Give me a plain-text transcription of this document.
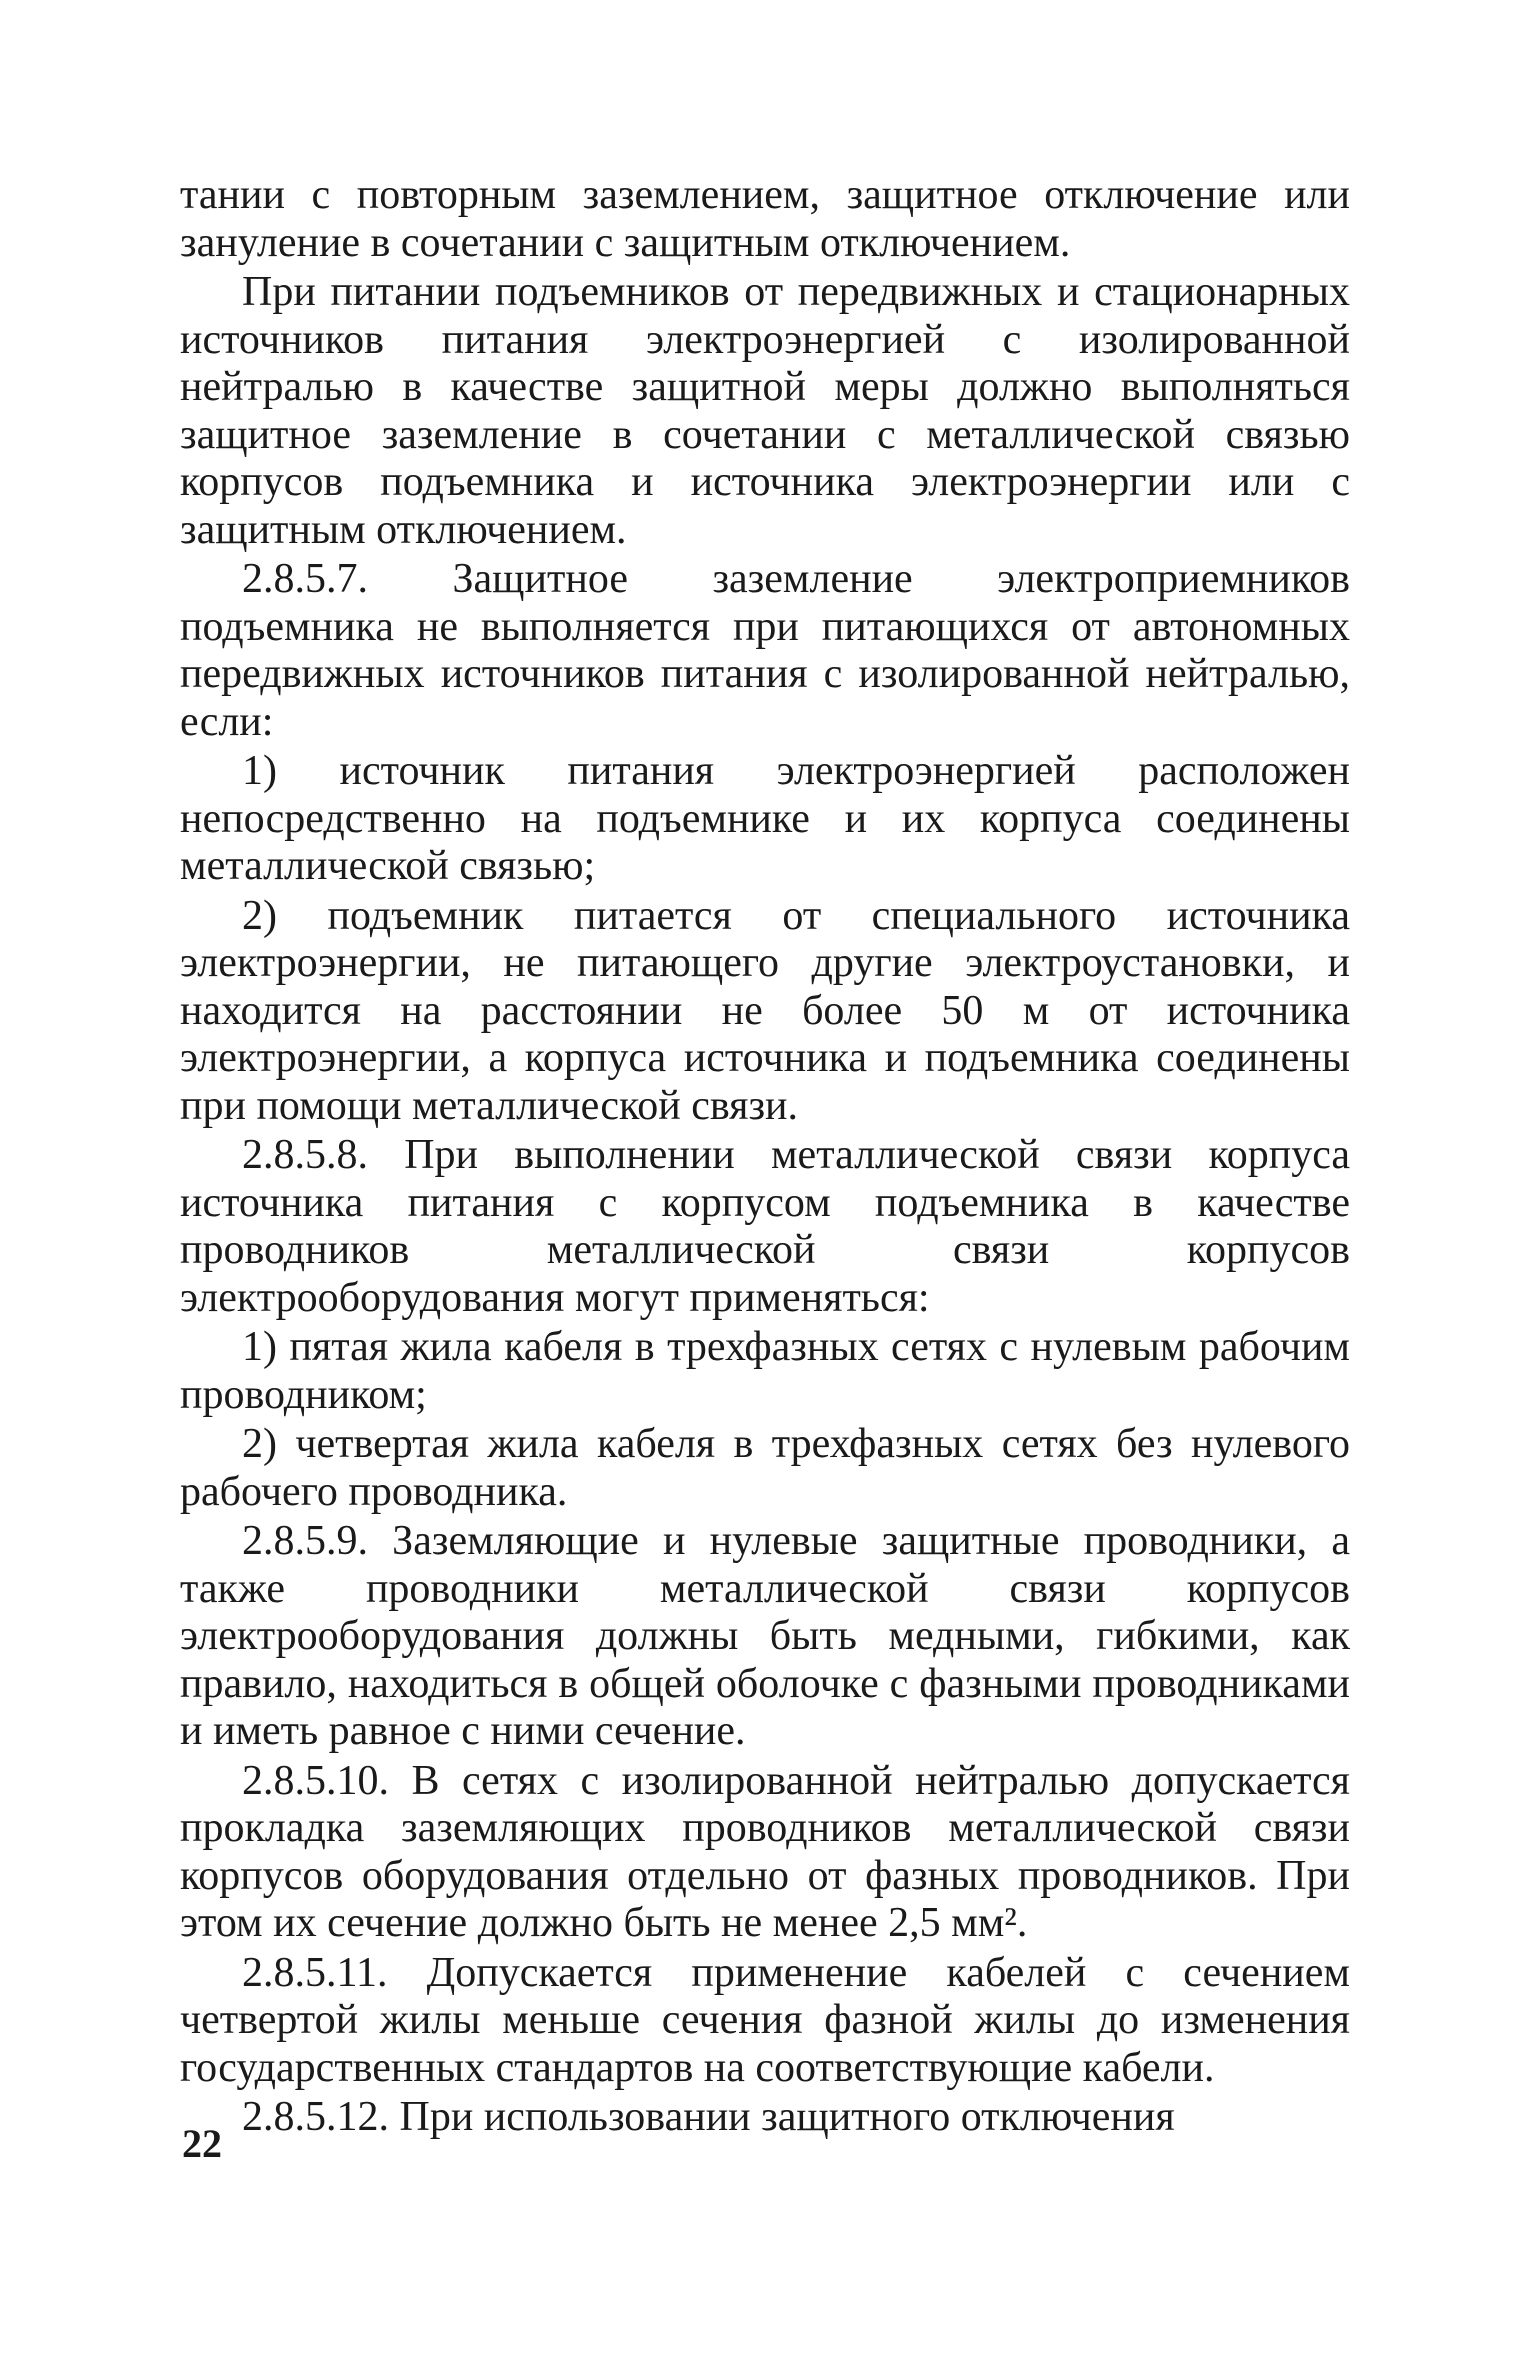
тании с повторным заземлением, защитное отключение или зануление в сочетании с защитным отключением.

При питании подъемников от передвижных и стационарных источников питания электроэнергией с изолированной нейтралью в качестве защитной меры должно выполняться защитное заземление в сочетании с металлической связью корпусов подъемника и источника электроэнергии или с защитным отключением.

2.8.5.7. Защитное заземление электроприемников подъемника не выполняется при питающихся от автономных передвижных источников питания с изолированной нейтралью, если:

1) источник питания электроэнергией расположен непосредственно на подъемнике и их корпуса соединены металлической связью;

2) подъемник питается от специального источника электроэнергии, не питающего другие электроустановки, и находится на расстоянии не более 50 м от источника электроэнергии, а корпуса источника и подъемника соединены при помощи металлической связи.

2.8.5.8. При выполнении металлической связи корпуса источника питания с корпусом подъемника в качестве проводников металлической связи корпусов электрооборудования могут применяться:

1) пятая жила кабеля в трехфазных сетях с нулевым рабочим проводником;

2) четвертая жила кабеля в трехфазных сетях без нулевого рабочего проводника.

2.8.5.9. Заземляющие и нулевые защитные проводники, а также проводники металлической связи корпусов электрооборудования должны быть медными, гибкими, как правило, находиться в общей оболочке с фазными проводниками и иметь равное с ними сечение.

2.8.5.10. В сетях с изолированной нейтралью допускается прокладка заземляющих проводников металлической связи корпусов оборудования отдельно от фазных проводников. При этом их сечение должно быть не менее 2,5 мм².

2.8.5.11. Допускается применение кабелей с сечением четвертой жилы меньше сечения фазной жилы до изменения государственных стандартов на соответствующие кабели.

2.8.5.12. При использовании защитного отключения

22
